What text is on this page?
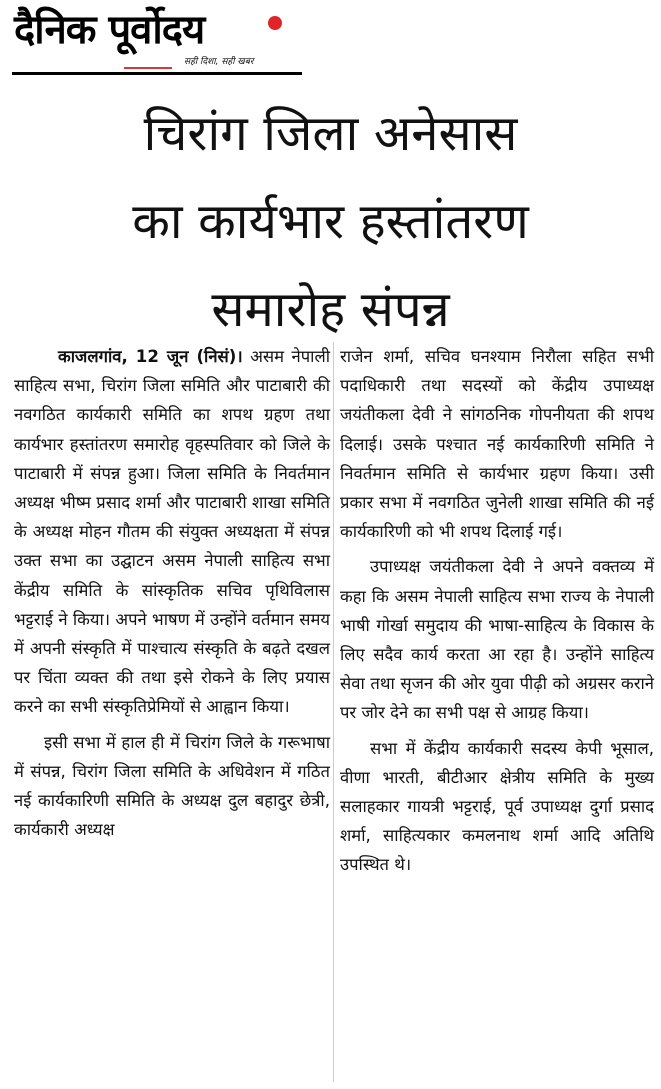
दैनिक पूर्वोदय
सही दिशा, सही खबर
चिरांग जिला अनेसास
का कार्यभार हस्तांतरण
समारोह संपन्न

काजलगांव, 12 जून (निसं)। असम नेपाली साहित्य सभा, चिरांग जिला समिति और पाटाबारी की नवगठित कार्यकारी समिति का शपथ ग्रहण तथा कार्यभार हस्तांतरण समारोह वृहस्पतिवार को जिले के पाटाबारी में संपन्न हुआ। जिला समिति के निवर्तमान अध्यक्ष भीष्म प्रसाद शर्मा और पाटाबारी शाखा समिति के अध्यक्ष मोहन गौतम की संयुक्त अध्यक्षता में संपन्न उक्त सभा का उद्घाटन असम नेपाली साहित्य सभा केंद्रीय समिति के सांस्कृतिक सचिव पृथिविलास भट्टराई ने किया। अपने भाषण में उन्होंने वर्तमान समय में अपनी संस्कृति में पाश्चात्य संस्कृति के बढ़ते दखल पर चिंता व्यक्त की तथा इसे रोकने के लिए प्रयास करने का सभी संस्कृतिप्रेमियों से आह्वान किया।

इसी सभा में हाल ही में चिरांग जिले के गरूभाषा में संपन्न, चिरांग जिला समिति के अधिवेशन में गठित नई कार्यकारिणी समिति के अध्यक्ष दुल बहादुर छेत्री, कार्यकारी अध्यक्ष

राजेन शर्मा, सचिव घनश्याम निरौला सहित सभी पदाधिकारी तथा सदस्यों को केंद्रीय उपाध्यक्ष जयंतीकला देवी ने सांगठनिक गोपनीयता की शपथ दिलाई। उसके पश्चात नई कार्यकारिणी समिति ने निवर्तमान समिति से कार्यभार ग्रहण किया। उसी प्रकार सभा में नवगठित जुनेली शाखा समिति की नई कार्यकारिणी को भी शपथ दिलाई गई।

उपाध्यक्ष जयंतीकला देवी ने अपने वक्तव्य में कहा कि असम नेपाली साहित्य सभा राज्य के नेपाली भाषी गोर्खा समुदाय की भाषा-साहित्य के विकास के लिए सदैव कार्य करता आ रहा है। उन्होंने साहित्य सेवा तथा सृजन की ओर युवा पीढ़ी को अग्रसर कराने पर जोर देने का सभी पक्ष से आग्रह किया।

सभा में केंद्रीय कार्यकारी सदस्य केपी भूसाल, वीणा भारती, बीटीआर क्षेत्रीय समिति के मुख्य सलाहकार गायत्री भट्टराई, पूर्व उपाध्यक्ष दुर्गा प्रसाद शर्मा, साहित्यकार कमलनाथ शर्मा आदि अतिथि उपस्थित थे।
